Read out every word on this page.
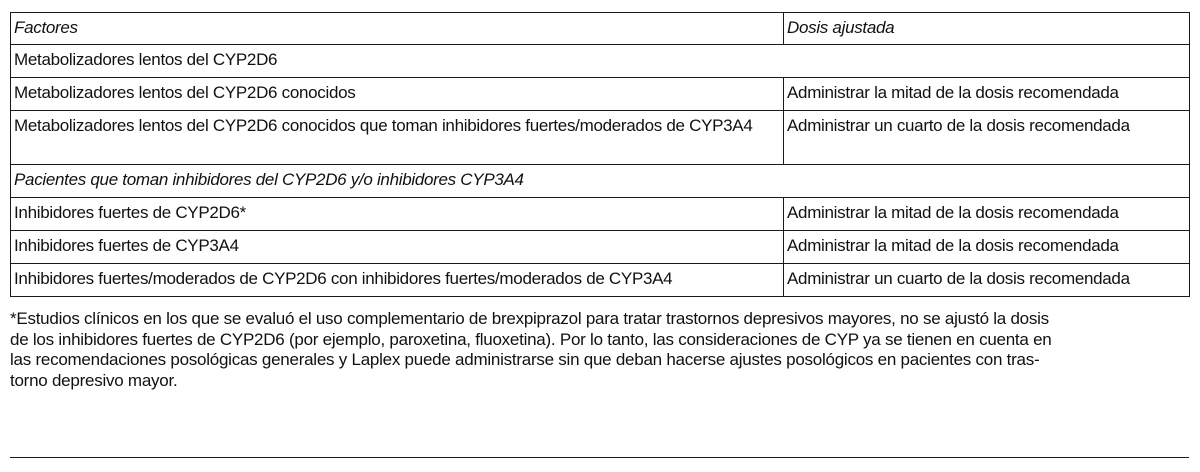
Factores	Dosis ajustada
Metabolizadores lentos del CYP2D6	
Metabolizadores lentos del CYP2D6 conocidos	Administrar la mitad de la dosis recomendada
Metabolizadores lentos del CYP2D6 conocidos que toman inhibidores fuertes/moderados de CYP3A4	Administrar un cuarto de la dosis recomendada
Pacientes que toman inhibidores del CYP2D6 y/o inhibidores CYP3A4	
Inhibidores fuertes de CYP2D6*	Administrar la mitad de la dosis recomendada
Inhibidores fuertes de CYP3A4	Administrar la mitad de la dosis recomendada
Inhibidores fuertes/moderados de CYP2D6 con inhibidores fuertes/moderados de CYP3A4	Administrar un cuarto de la dosis recomendada
*Estudios clínicos en los que se evaluó el uso complementario de brexpiprazol para tratar trastornos depresivos mayores, no se ajustó la dosis
de los inhibidores fuertes de CYP2D6 (por ejemplo, paroxetina, fluoxetina). Por lo tanto, las consideraciones de CYP ya se tienen en cuenta en
las recomendaciones posológicas generales y Laplex puede administrarse sin que deban hacerse ajustes posológicos en pacientes con tras-
torno depresivo mayor.
